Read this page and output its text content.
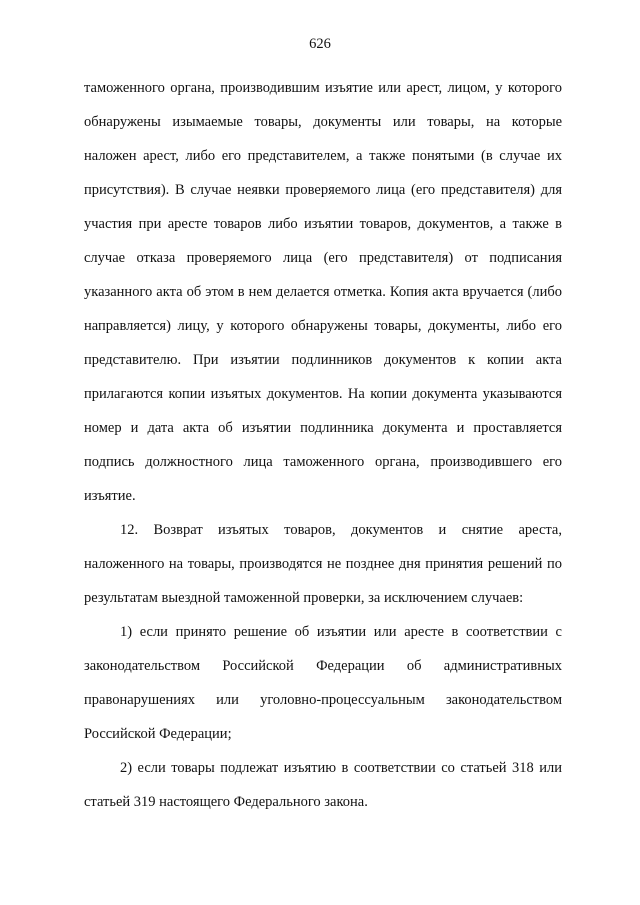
626

таможенного органа, производившим изъятие или арест, лицом, у которого обнаружены изымаемые товары, документы или товары, на которые наложен арест, либо его представителем, а также понятыми (в случае их присутствия). В случае неявки проверяемого лица (его представителя) для участия при аресте товаров либо изъятии товаров, документов, а также в случае отказа проверяемого лица (его представителя) от подписания указанного акта об этом в нем делается отметка. Копия акта вручается (либо направляется) лицу, у которого обнаружены товары, документы, либо его представителю. При изъятии подлинников документов к копии акта прилагаются копии изъятых документов. На копии документа указываются номер и дата акта об изъятии подлинника документа и проставляется подпись должностного лица таможенного органа, производившего его изъятие.

12. Возврат изъятых товаров, документов и снятие ареста, наложенного на товары, производятся не позднее дня принятия решений по результатам выездной таможенной проверки, за исключением случаев:

1) если принято решение об изъятии или аресте в соответствии с законодательством Российской Федерации об административных правонарушениях или уголовно-процессуальным законодательством Российской Федерации;

2) если товары подлежат изъятию в соответствии со статьей 318 или статьей 319 настоящего Федерального закона.
